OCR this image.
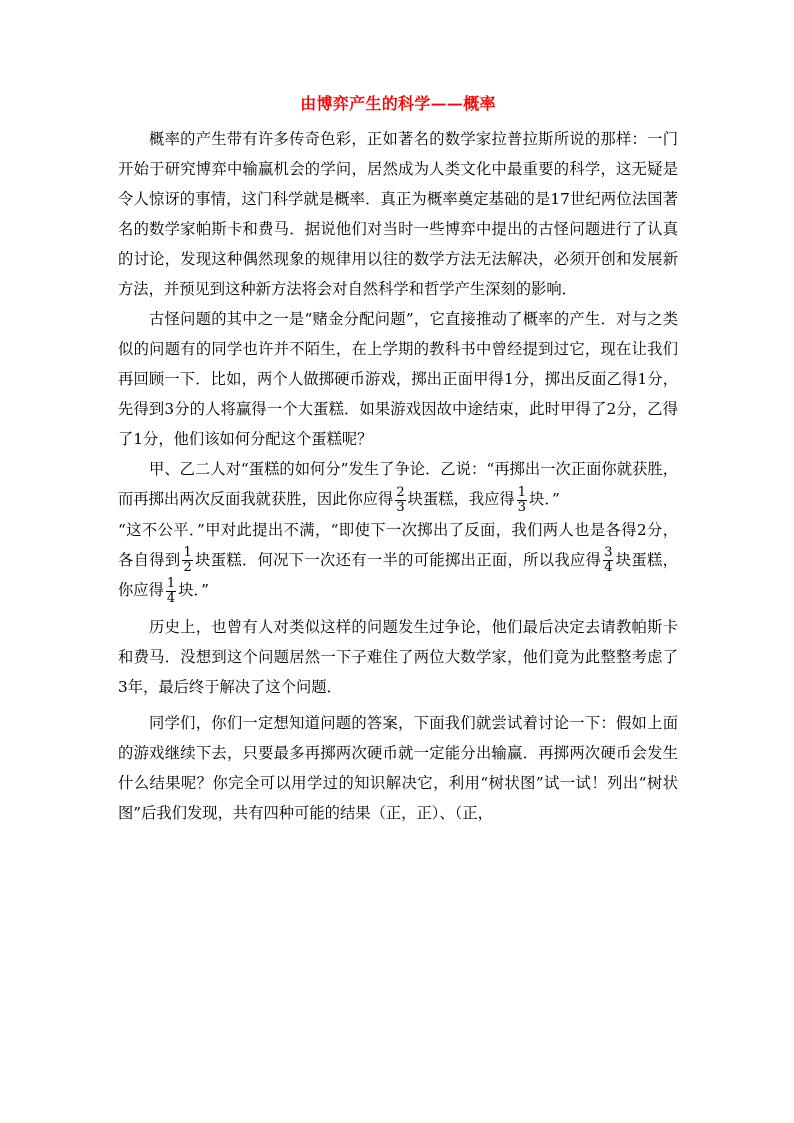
由博弈产生的科学——概率

概率的产生带有许多传奇色彩，正如著名的数学家拉普拉斯所说的那样：一门开始于研究博弈中输赢机会的学问，居然成为人类文化中最重要的科学，这无疑是令人惊讶的事情，这门科学就是概率．真正为概率奠定基础的是17世纪两位法国著名的数学家帕斯卡和费马．据说他们对当时一些博弈中提出的古怪问题进行了认真的讨论，发现这种偶然现象的规律用以往的数学方法无法解决，必须开创和发展新方法，并预见到这种新方法将会对自然科学和哲学产生深刻的影响．

古怪问题的其中之一是“赌金分配问题”，它直接推动了概率的产生．对与之类似的问题有的同学也许并不陌生，在上学期的教科书中曾经提到过它，现在让我们再回顾一下．比如，两个人做掷硬币游戏，掷出正面甲得1分，掷出反面乙得1分，先得到3分的人将赢得一个大蛋糕．如果游戏因故中途结束，此时甲得了2分，乙得了1分，他们该如何分配这个蛋糕呢？

甲、乙二人对“蛋糕的如何分”发生了争论．乙说：“再掷出一次正面你就获胜，而再掷出两次反面我就获胜，因此你应得 $\frac{2}{3}$ 块蛋糕，我应得 $\frac{1}{3}$ 块．”

“这不公平．”甲对此提出不满，“即使下一次掷出了反面，我们两人也是各得2分，各自得到 $\frac{1}{2}$ 块蛋糕．何况下一次还有一半的可能掷出正面，所以我应得 $\frac{3}{4}$ 块蛋糕，你应得 $\frac{1}{4}$ 块．”

历史上，也曾有人对类似这样的问题发生过争论，他们最后决定去请教帕斯卡和费马．没想到这个问题居然一下子难住了两位大数学家，他们竟为此整整考虑了3年，最后终于解决了这个问题．

同学们，你们一定想知道问题的答案，下面我们就尝试着讨论一下：假如上面的游戏继续下去，只要最多再掷两次硬币就一定能分出输赢．再掷两次硬币会发生什么结果呢？你完全可以用学过的知识解决它，利用“树状图”试一试！列出“树状图”后我们发现，共有四种可能的结果（正，正）、（正，
